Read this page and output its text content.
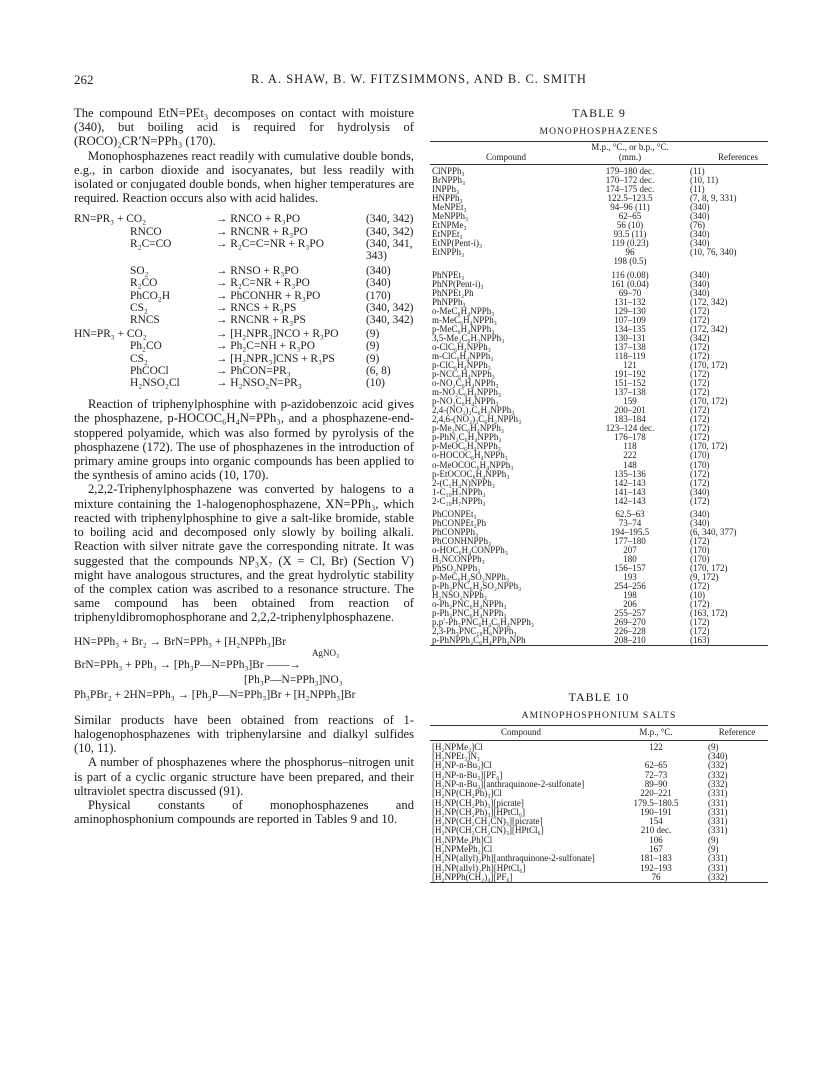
262	R. A. SHAW, B. W. FITZSIMMONS, AND B. C. SMITH

The compound EtN=PEt₃ decomposes on contact with moisture (340), but boiling acid is required for hydrolysis of (ROCO)₂CR′N=PPh₃ (170).

Monophosphazenes react readily with cumulative double bonds, e.g., in carbon dioxide and isocyanates, but less readily with isolated or conjugated double bonds, when higher temperatures are required. Reaction occurs also with acid halides.

RN=PR₃ + CO₂	→ RNCO + R₃PO	(340, 342)
RNCO	→ RNCNR + R₃PO	(340, 342)
R₂C=CO	→ R₂C=C=NR + R₃PO	(340, 341, 343)
SO₂	→ RNSO + R₃PO	(340)
R₂CO	→ R₂C=NR + R₃PO	(340)
PhCO₂H	→ PhCONHR + R₃PO	(170)
CS₂	→ RNCS + R₃PS	(340, 342)
RNCS	→ RNCNR + R₃PS	(340, 342)
HN=PR₃ + CO₂	→ [H₂NPR₃]NCO + R₃PO	(9)
Ph₂CO	→ Ph₂C=NH + R₃PO	(9)
CS₂	→ [H₂NPR₃]CNS + R₃PS	(9)
PhCOCl	→ PhCON=PR₃	(6, 8)
H₂NSO₂Cl	→ H₂NSO₂N=PR₃	(10)

Reaction of triphenylphosphine with p-azidobenzoic acid gives the phosphazene, p-HOCOC₆H₄N=PPh₃, and a phosphazene-end-stoppered polyamide, which was also formed by pyrolysis of the phosphazene (172). The use of phosphazenes in the introduction of primary amine groups into organic compounds has been applied to the synthesis of amino acids (10, 170).

2,2,2-Triphenylphosphazene was converted by halogens to a mixture containing the 1-halogenophosphazene, XN=PPh₃, which reacted with triphenylphosphine to give a salt-like bromide, stable to boiling acid and decomposed only slowly by boiling alkali. Reaction with silver nitrate gave the corresponding nitrate. It was suggested that the compounds NP₃X₇ (X = Cl, Br) (Section V) might have analogous structures, and the great hydrolytic stability of the complex cation was ascribed to a resonance structure. The same compound has been obtained from reaction of triphenyldibromophosphorane and 2,2,2-triphenylphosphazene.

HN=PPh₃ + Br₂ → BrN=PPh₃ + [H₂NPPh₃]Br
AgNO₃
BrN=PPh₃ + PPh₃ → [Ph₃P—N=PPh₃]Br ——→
[Ph₃P—N=PPh₃]NO₃
Ph₃PBr₂ + 2HN=PPh₃ → [Ph₃P—N=PPh₃]Br + [H₂NPPh₃]Br

Similar products have been obtained from reactions of 1-halogenophosphazenes with triphenylarsine and dialkyl sulfides (10, 11).

A number of phosphazenes where the phosphorus–nitrogen unit is part of a cyclic organic structure have been prepared, and their ultraviolet spectra discussed (91).

Physical constants of monophosphazenes and aminophosphonium compounds are reported in Tables 9 and 10.

TABLE 9
MONOPHOSPHAZENES
Compound	M.p., °C., or b.p., °C. (mm.)	References
ClNPPh₃	179–180 dec.	(11)
BrNPPh₃	170–172 dec.	(10, 11)
INPPh₃	174–175 dec.	(11)
HNPPh₃	122.5–123.5	(7, 8, 9, 331)
MeNPEt₃	94–96 (11)	(340)
MeNPPh₃	62–65	(340)
EtNPMe₃	56 (10)	(76)
EtNPEt₃	93.5 (11)	(340)
EtNP(Pent-i)₃	119 (0.23)	(340)
EtNPPh₃	96	(10, 76, 340)
	198 (0.5)	
PhNPEt₃	116 (0.08)	(340)
PhNP(Pent-i)₃	161 (0.04)	(340)
PhNPEt₂Ph	69–70	(340)
PhNPPh₃	131–132	(172, 342)
o-MeC₆H₄NPPh₃	129–130	(172)
m-MeC₆H₄NPPh₃	107–109	(172)
p-MeC₆H₄NPPh₃	134–135	(172, 342)
3,5-Me₂C₆H₃NPPh₃	130–131	(342)
o-ClC₆H₄NPPh₃	137–138	(172)
m-ClC₆H₄NPPh₃	118–119	(172)
p-ClC₆H₄NPPh₃	121	(170, 172)
p-NCC₆H₄NPPh₃	191–192	(172)
o-NO₂C₆H₄NPPh₃	151–152	(172)
m-NO₂C₆H₄NPPh₃	137–138	(172)
p-NO₂C₆H₄NPPh₃	159	(170, 172)
2,4-(NO₂)₂C₆H₃NPPh₃	200–201	(172)
2,4,6-(NO₂)₃C₆H₂NPPh₃	183–184	(172)
p-Me₂NC₆H₄NPPh₃	123–124 dec.	(172)
p-PhN₂C₆H₄NPPh₃	176–178	(172)
p-MeOC₆H₄NPPh₃	118	(170, 172)
o-HOCOC₆H₄NPPh₃	222	(170)
o-MeOCOC₆H₄NPPh₃	148	(170)
p-EtOCOC₆H₄NPPh₃	135–136	(172)
2-(C₅H₄N)NPPh₃	142–143	(172)
1-C₁₀H₇NPPh₃	141–143	(340)
2-C₁₀H₇NPPh₃	142–143	(172)
PhCONPEt₃	62.5–63	(340)
PhCONPEt₂Ph	73–74	(340)
PhCONPPh₃	194–195.5	(6, 340, 377)
PhCONHNPPh₃	177–180	(172)
o-HOC₆H₄CONPPh₃	207	(170)
H₂NCONPPh₃	180	(170)
PhSO₂NPPh₃	156–157	(170, 172)
p-MeC₆H₄SO₂NPPh₃	193	(9, 172)
p-Ph₃PNC₆H₄SO₂NPPh₃	254–256	(172)
H₂NSO₂NPPh₃	198	(10)
o-Ph₃PNC₆H₄NPPh₃	206	(172)
p-Ph₃PNC₆H₄NPPh₃	255–257	(163, 172)
p,p′-Ph₃PNC₆H₄C₆H₄NPPh₃	269–270	(172)
2,3-Ph₃PNC₁₀H₆NPPh₃	226–228	(172)
p-PhNPPh₂C₆H₄PPh₂NPh	208–210	(163)
TABLE 10
AMINOPHOSPHONIUM SALTS
Compound	M.p., °C.	Reference
[H₂NPMe₃]Cl	122	(9)
[H₂NPEt₃]N₃		(340)
[H₂NP-n-Bu₃]Cl	62–65	(332)
[H₂NP-n-Bu₃][PF₆]	72–73	(332)
[H₂NP-n-Bu₃][anthraquinone-2-sulfonate]	89–90	(332)
[H₂NP(CH₂Ph)₃]Cl	220–221	(331)
[H₂NP(CH₂Ph)₃][picrate]	179.5–180.5	(331)
[H₂NP(CH₂Ph)₃][HPtCl₆]	190–191	(331)
[H₂NP(CH₂CH₂CN)₃][picrate]	154	(331)
[H₂NP(CH₂CH₂CN)₃][HPtCl₆]	210 dec.	(331)
[H₂NPMe₂Ph]Cl	106	(9)
[H₂NPMePh₂]Cl	167	(9)
[H₂NP(allyl)₂Ph][anthraquinone-2-sulfonate]	181–183	(331)
[H₂NP(allyl)₂Ph][HPtCl₆]	192–193	(331)
[H₂NPPh(CH₂)₄][PF₆]	76	(332)
